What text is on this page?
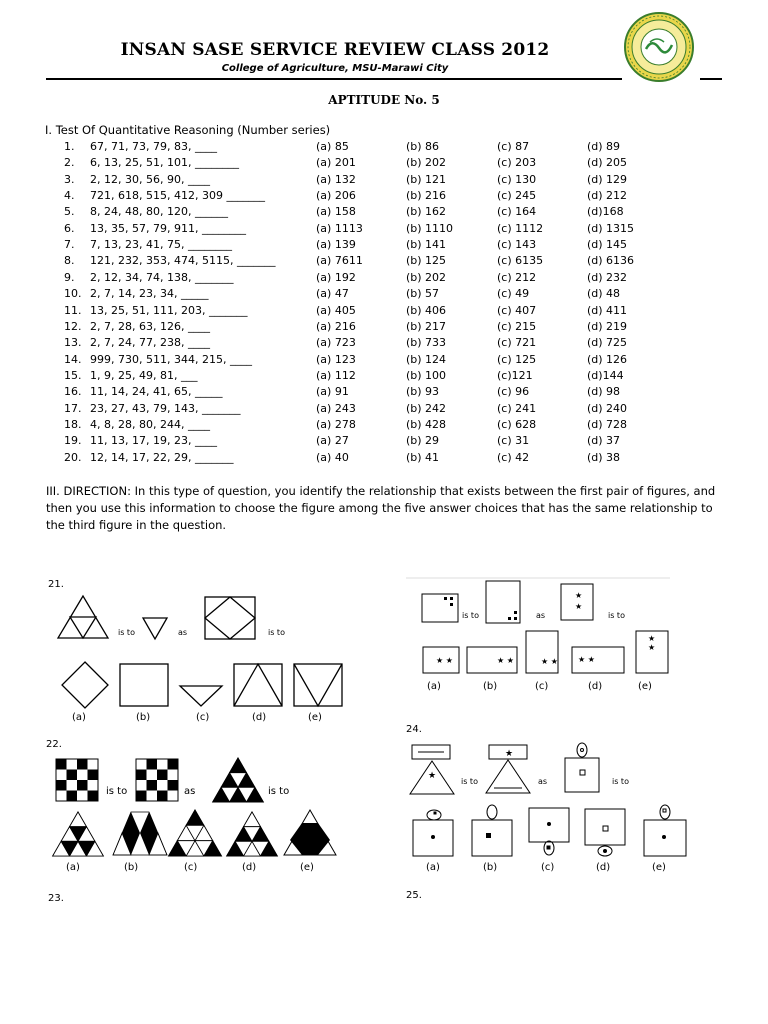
INSAN SASE SERVICE REVIEW CLASS 2012
College of Agriculture, MSU-Marawi City
APTITUDE No. 5
I. Test Of Quantitative Reasoning (Number series)
1. 67, 71, 73, 79, 83, ____	(a) 85	(b) 86	(c) 87	(d) 89
2. 6, 13, 25, 51, 101, ________	(a) 201	(b) 202	(c) 203	(d) 205
3. 2, 12, 30, 56, 90, ____	(a) 132	(b) 121	(c) 130	(d) 129
4. 721, 618, 515, 412, 309 _______	(a) 206	(b) 216	(c) 245	(d) 212
5. 8, 24, 48, 80, 120, ______	(a) 158	(b) 162	(c) 164	(d)168
6. 13, 35, 57, 79, 911, ________	(a) 1113	(b) 1110	(c) 1112	(d) 1315
7. 7, 13, 23, 41, 75, ________	(a) 139	(b) 141	(c) 143	(d) 145
8. 121, 232, 353, 474, 5115, _______	(a) 7611	(b) 125	(c) 6135	(d) 6136
9. 2, 12, 34, 74, 138, _______	(a) 192	(b) 202	(c) 212	(d) 232
10. 2, 7, 14, 23, 34, _____	(a) 47	(b) 57	(c) 49	(d) 48
11. 13, 25, 51, 111, 203, _______	(a) 405	(b) 406	(c) 407	(d) 411
12. 2, 7, 28, 63, 126, ____	(a) 216	(b) 217	(c) 215	(d) 219
13. 2, 7, 24, 77, 238, ____	(a) 723	(b) 733	(c) 721	(d) 725
14. 999, 730, 511, 344, 215, ____	(a) 123	(b) 124	(c) 125	(d) 126
15. 1, 9, 25, 49, 81, ___	(a) 112	(b) 100	(c)121	(d)144
16. 11, 14, 24, 41, 65, _____	(a) 91	(b) 93	(c) 96	(d) 98
17. 23, 27, 43, 79, 143, _______	(a) 243	(b) 242	(c) 241	(d) 240
18. 4, 8, 28, 80, 244, ____	(a) 278	(b) 428	(c) 628	(d) 728
19. 11, 13, 17, 19, 23, ____	(a) 27	(b) 29	(c) 31	(d) 37
20. 12, 14, 17, 22, 29, _______	(a) 40	(b) 41	(c) 42	(d) 38
III. DIRECTION: In this type of question, you identify the relationship that exists between the first pair of figures, and then you use this information to choose the figure among the five answer choices that has the same relationship to the third figure in the question.
21.
22.
23.
24.
25.
is to	as	is to
(a)	(b)	(c)	(d)	(e)
is to	as	is to
(a)	(b)	(c)	(d)	(e)
★
★
★ ★	★ ★	★ ★	★ ★
★
★
is to	as	is to
(a)	(b)	(c)	(d)	(e)
★
★
is to	as	is to
(a)	(b)	(c)	(d)	(e)
